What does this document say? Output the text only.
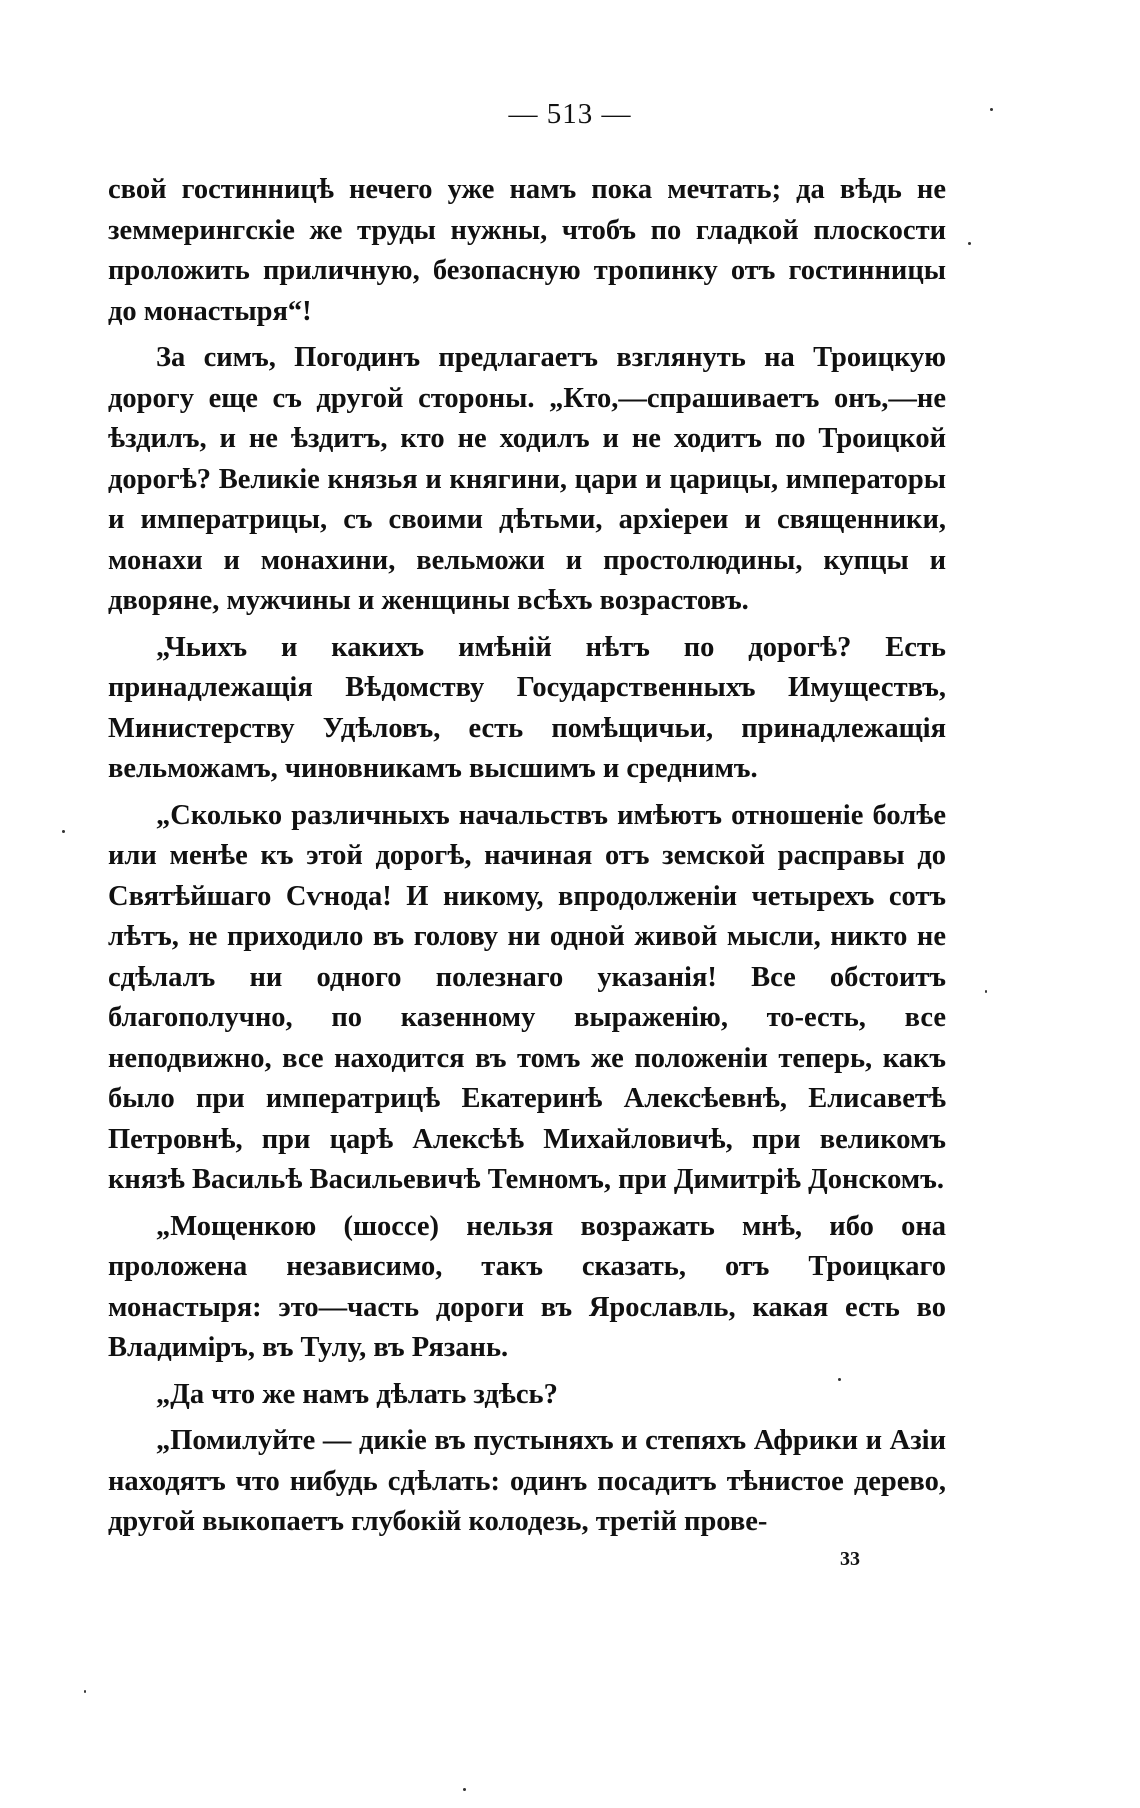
— 513 —

свой гостинницѣ нечего уже намъ пока мечтать; да вѣдь не земмерингскіе же труды нужны, чтобъ по гладкой плоскости проложить приличную, безопасную тропинку отъ гостинницы до монастыря“!

За симъ, Погодинъ предлагаетъ взглянуть на Троицкую дорогу еще съ другой стороны. „Кто,—спрашиваетъ онъ,—не ѣздилъ, и не ѣздитъ, кто не ходилъ и не ходитъ по Троицкой дорогѣ? Великіе князья и княгини, цари и царицы, императоры и императрицы, съ своими дѣтьми, архіереи и священники, монахи и монахини, вельможи и простолюдины, купцы и дворяне, мужчины и женщины всѣхъ возрастовъ.

„Чьихъ и какихъ имѣній нѣтъ по дорогѣ? Есть принадлежащія Вѣдомству Государственныхъ Имуществъ, Министерству Удѣловъ, есть помѣщичьи, принадлежащія вельможамъ, чиновникамъ высшимъ и среднимъ.

„Сколько различныхъ начальствъ имѣютъ отношеніе болѣе или менѣе къ этой дорогѣ, начиная отъ земской расправы до Святѣйшаго Сѵнода! И никому, впродолженіи четырехъ сотъ лѣтъ, не приходило въ голову ни одной живой мысли, никто не сдѣлалъ ни одного полезнаго указанія! Все обстоитъ благополучно, по казенному выраженію, то-есть, все неподвижно, все находится въ томъ же положеніи теперь, какъ было при императрицѣ Екатеринѣ Алексѣевнѣ, Елисаветѣ Петровнѣ, при царѣ Алексѣѣ Михайловичѣ, при великомъ князѣ Васильѣ Васильевичѣ Темномъ, при Димитріѣ Донскомъ.

„Мощенкою (шоссе) нельзя возражать мнѣ, ибо она проложена независимо, такъ сказать, отъ Троицкаго монастыря: это—часть дороги въ Ярославль, какая есть во Владиміръ, въ Тулу, въ Рязань.

„Да что же намъ дѣлать здѣсь?

„Помилуйте — дикіе въ пустыняхъ и степяхъ Африки и Азіи находятъ что нибудь сдѣлать: одинъ посадитъ тѣнистое дерево, другой выкопаетъ глубокій колодезь, третій прове-

33
